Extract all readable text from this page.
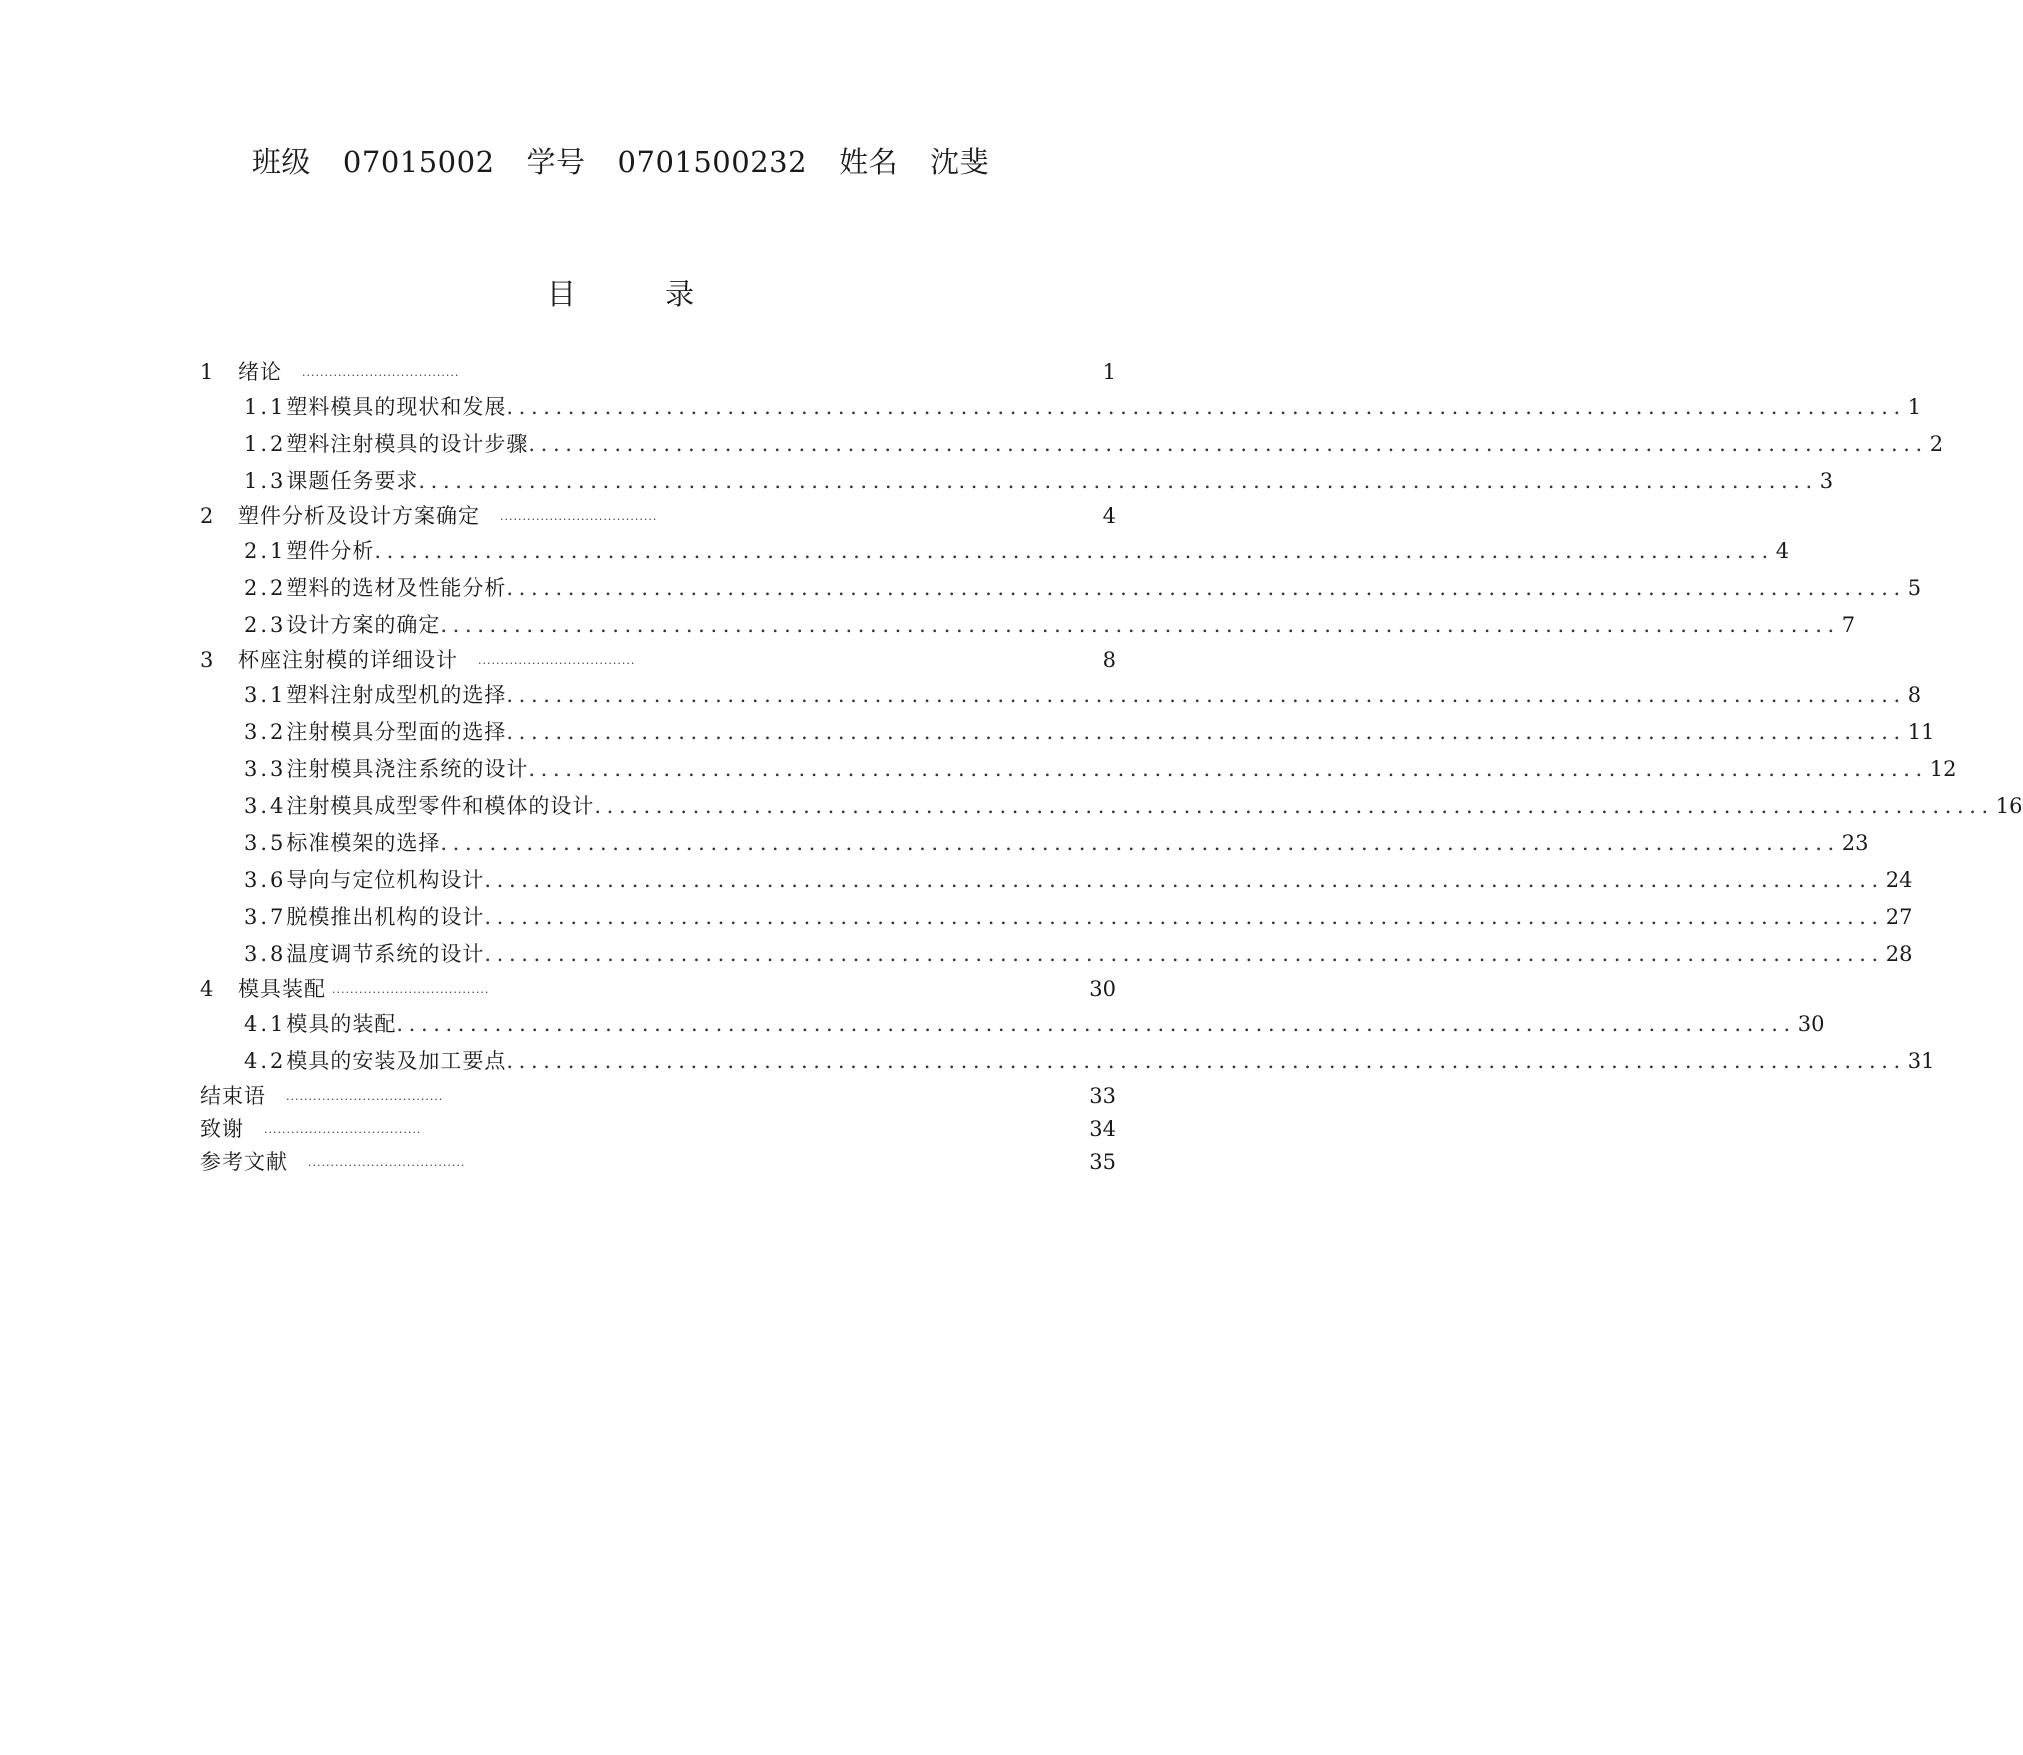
班级 07015002 学号 0701500232 姓名 沈斐
目 录
1	绪论 ···································	1
1.1 塑料模具的现状和发展 .................................................................................................................. 1
1.2 塑料注射模具的设计步骤 .................................................................................................................. 2
1.3 课题任务要求 .................................................................................................................. 3
2	塑件分析及设计方案确定 ···································	4
2.1 塑件分析 .................................................................................................................. 4
2.2 塑料的选材及性能分析 .................................................................................................................. 5
2.3 设计方案的确定 .................................................................................................................. 7
3	杯座注射模的详细设计 ···································	8
3.1 塑料注射成型机的选择 .................................................................................................................. 8
3.2 注射模具分型面的选择 .................................................................................................................. 11
3.3 注射模具浇注系统的设计 .................................................................................................................. 12
3.4 注射模具成型零件和模体的设计 .................................................................................................................. 16
3.5 标准模架的选择 .................................................................................................................. 23
3.6 导向与定位机构设计 .................................................................................................................. 24
3.7 脱模推出机构的设计 .................................................................................................................. 27
3.8 温度调节系统的设计 .................................................................................................................. 28
4	模具装配 ···································	30
4.1 模具的装配 .................................................................................................................. 30
4.2 模具的安装及加工要点 .................................................................................................................. 31
结束语 ···································	33
致谢 ···································	34
参考文献 ···································	35
